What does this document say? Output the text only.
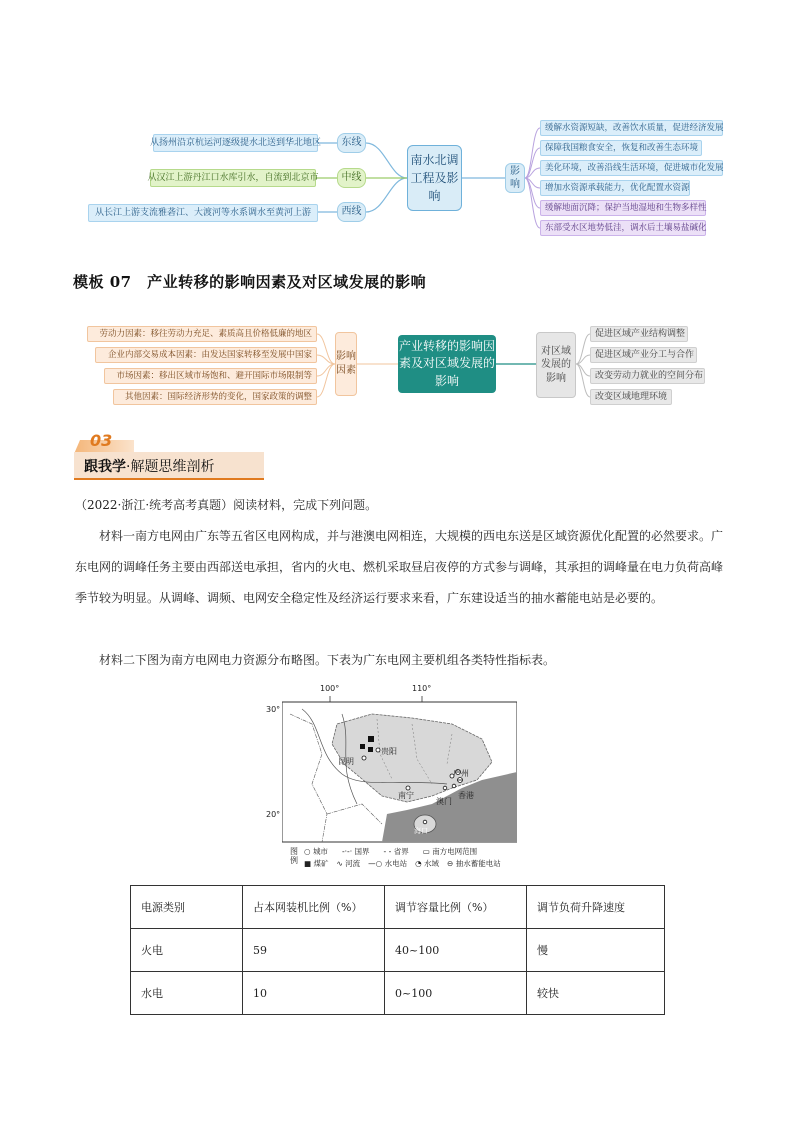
从扬州沿京杭运河逐级提水北送到华北地区
从汉江上游丹江口水库引水，自流到北京市
从长江上游支流雅砻江、大渡河等水系调水至黄河上游
东线
中线
西线
南水北调工程及影响
影响
缓解水资源短缺，改善饮水质量，促进经济发展
保障我国粮食安全，恢复和改善生态环境
美化环境，改善沿线生活环境，促进城市化发展
增加水资源承载能力，优化配置水资源
缓解地面沉降；保护当地湿地和生物多样性
东部受水区地势低洼，调水后土壤易盐碱化
模板 07　产业转移的影响因素及对区域发展的影响
劳动力因素：移往劳动力充足、素质高且价格低廉的地区
企业内部交易成本因素：由发达国家转移至发展中国家
市场因素：移出区域市场饱和、避开国际市场限制等
其他因素：国际经济形势的变化，国家政策的调整
影响因素
产业转移的影响因素及对区域发展的影响
对区域发展的影响
促进区域产业结构调整
促进区域产业分工与合作
改变劳动力就业的空间分布
改变区域地理环境
03
跟我学·解题思维剖析
（2022·浙江·统考高考真题）阅读材料，完成下列问题。
材料一南方电网由广东等五省区电网构成，并与港澳电网相连，大规模的西电东送是区域资源优化配置的必然要求。广东电网的调峰任务主要由西部送电承担，省内的火电、燃机采取昼启夜停的方式参与调峰，其承担的调峰量在电力负荷高峰季节较为明显。从调峰、调频、电网安全稳定性及经济运行要求来看，广东建设适当的抽水蓄能电站是必要的。
材料二下图为南方电网电力资源分布略图。下表为广东电网主要机组各类特性指标表。
100°	110°
30°
20°
贵阳
昆明
广州
南宁
澳门
香港
海口
图例
○ 城市 -·-· 国界 - - 省界 ▭ 南方电网范围
■ 煤矿 ∿ 河流 —○ 水电站 ◔ 水域 ⊖ 抽水蓄能电站
电源类别	占本网装机比例（%）	调节容量比例（%）	调节负荷升降速度
火电	59	40~100	慢
水电	10	0~100	较快
